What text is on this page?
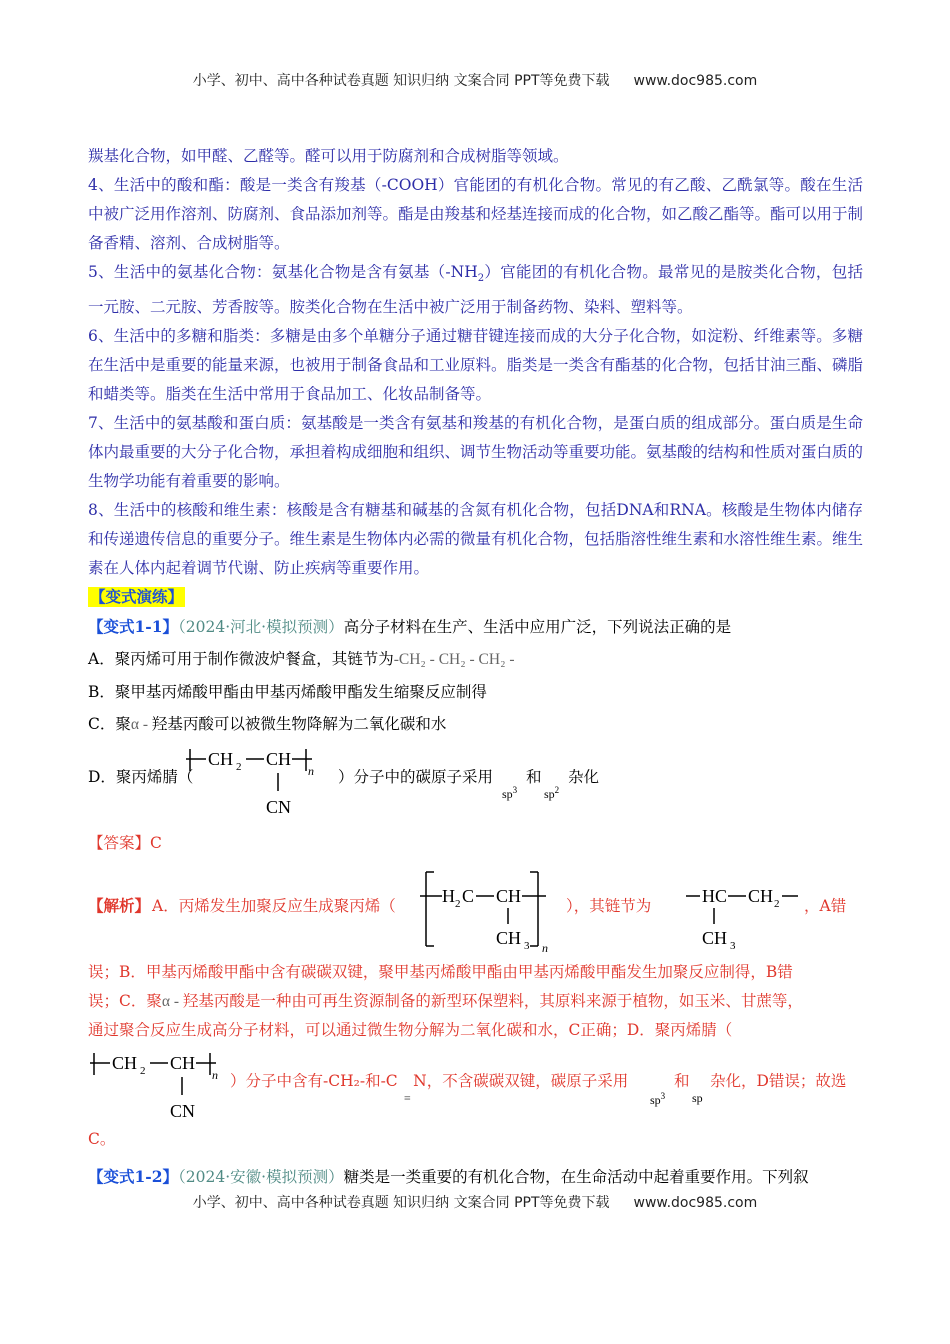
小学、初中、高中各种试卷真题 知识归纳 文案合同 PPT等免费下载 www.doc985.com

羰基化合物，如甲醛、乙醛等。醛可以用于防腐剂和合成树脂等领域。

4、生活中的酸和酯：酸是一类含有羧基（-COOH）官能团的有机化合物。常见的有乙酸、乙酰氯等。酸在生活中被广泛用作溶剂、防腐剂、食品添加剂等。酯是由羧基和烃基连接而成的化合物，如乙酸乙酯等。酯可以用于制备香精、溶剂、合成树脂等。

5、生活中的氨基化合物：氨基化合物是含有氨基$(-NH_2)$官能团的有机化合物。最常见的是胺类化合物，包括一元胺、二元胺、芳香胺等。胺类化合物在生活中被广泛用于制备药物、染料、塑料等。

6、生活中的多糖和脂类：多糖是由多个单糖分子通过糖苷键连接而成的大分子化合物，如淀粉、纤维素等。多糖在生活中是重要的能量来源，也被用于制备食品和工业原料。脂类是一类含有酯基的化合物，包括甘油三酯、磷脂和蜡类等。脂类在生活中常用于食品加工、化妆品制备等。

7、生活中的氨基酸和蛋白质：氨基酸是一类含有氨基和羧基的有机化合物，是蛋白质的组成部分。蛋白质是生命体内最重要的大分子化合物，承担着构成细胞和组织、调节生物活动等重要功能。氨基酸的结构和性质对蛋白质的生物学功能有着重要的影响。

8、生活中的核酸和维生素：核酸是含有糖基和碱基的含氮有机化合物，包括DNA和RNA。核酸是生物体内储存和传递遗传信息的重要分子。维生素是生物体内必需的微量有机化合物，包括脂溶性维生素和水溶性维生素。维生素在人体内起着调节代谢、防止疾病等重要作用。

【变式演练】

【变式1-1】（2024·河北·模拟预测）高分子材料在生产、生活中应用广泛，下列说法正确的是

A．聚丙烯可用于制作微波炉餐盒，其链节为-CH₂ - CH₂ - CH₂ -

B．聚甲基丙烯酸甲酯由甲基丙烯酸甲酯发生缩聚反应制得

C．聚α - 羟基丙酸可以被微生物降解为二氧化碳和水

CH 2 CH
n
CN
D．聚丙烯腈（	）分子中的碳原子采用
$sp^3$
和
$sp^2$
杂化

【答案】C

【解析】 A．丙烯发生加聚反应生成聚丙烯（	H 2 C CH
n
CH 3
），其链节为	HC CH 2
CH 3
，A错

误；B．甲基丙烯酸甲酯中含有碳碳双键，聚甲基丙烯酸甲酯由甲基丙烯酸甲酯发生加聚反应制得，B错

误；C．聚α - 羟基丙酸是一种由可再生资源制备的新型环保塑料，其原料来源于植物，如玉米、甘蔗等，

通过聚合反应生成高分子材料，可以通过微生物分解为二氧化碳和水，C正确；D．聚丙烯腈（

CH 2 CH
n
CN
）分子中含有-CH₂-和-C　N，不含碳碳双键，碳原子采用
≡	$sp^3$
和
sp
杂化，D错误；故选

C。

【变式1-2】（2024·安徽·模拟预测）糖类是一类重要的有机化合物，在生命活动中起着重要作用。下列叙

小学、初中、高中各种试卷真题 知识归纳 文案合同 PPT等免费下载 www.doc985.com
